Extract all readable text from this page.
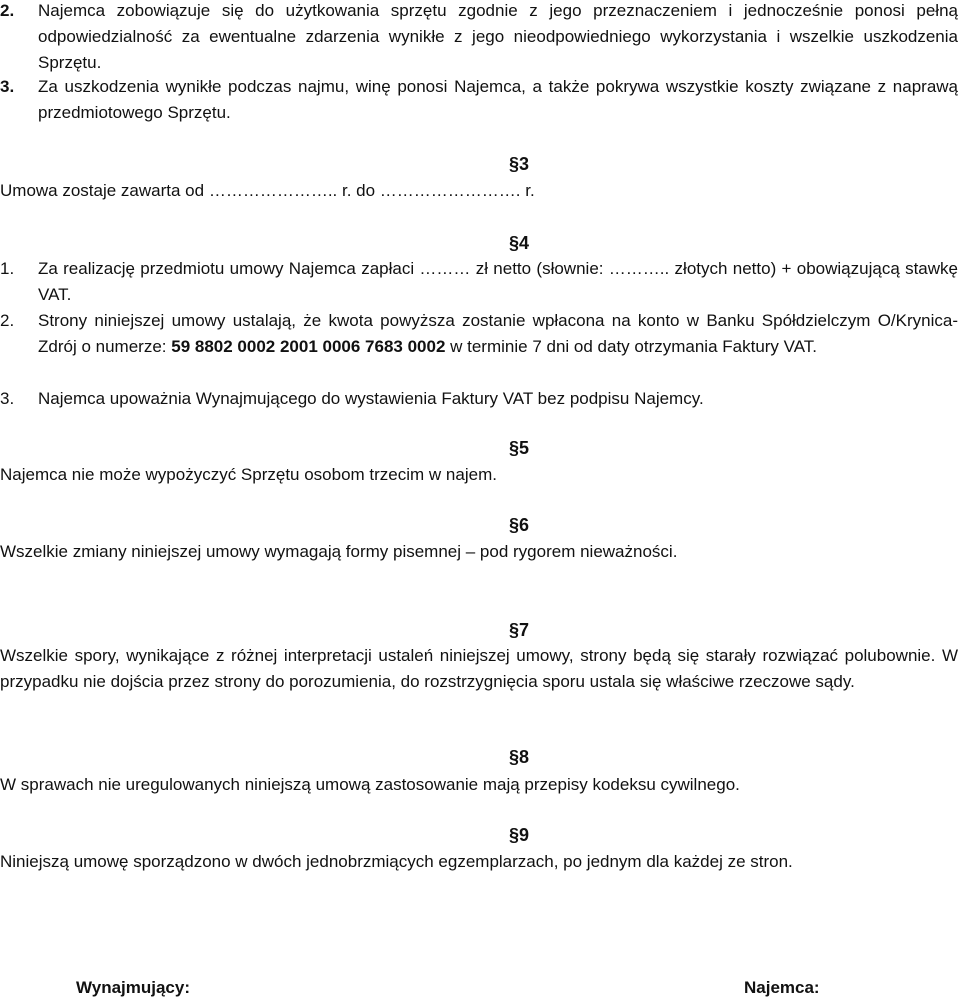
2.	Najemca zobowiązuje się do użytkowania sprzętu zgodnie z jego przeznaczeniem i jednocześnie ponosi pełną odpowiedzialność za ewentualne zdarzenia wynikłe z jego nieodpowiedniego wykorzystania i wszelkie uszkodzenia Sprzętu.
3.	Za uszkodzenia wynikłe podczas najmu, winę ponosi Najemca, a także pokrywa wszystkie koszty związane z naprawą przedmiotowego Sprzętu.
§3
Umowa zostaje zawarta od ………………….. r. do ……………………. r.
§4
1.	Za realizację przedmiotu umowy Najemca zapłaci ……… zł netto (słownie: ……….. złotych netto) + obowiązującą stawkę VAT.
2.	Strony niniejszej umowy ustalają, że kwota powyższa zostanie wpłacona na konto w Banku Spółdzielczym O/Krynica-Zdrój o numerze: 59 8802 0002 2001 0006 7683 0002 w terminie 7 dni od daty otrzymania Faktury VAT.
3.	Najemca upoważnia Wynajmującego do wystawienia Faktury VAT bez podpisu Najemcy.
§5
Najemca nie może wypożyczyć Sprzętu osobom trzecim w najem.
§6
Wszelkie zmiany niniejszej umowy wymagają formy pisemnej – pod rygorem nieważności.
§7
Wszelkie spory, wynikające z różnej interpretacji ustaleń niniejszej umowy, strony będą się starały rozwiązać polubownie. W przypadku nie dojścia przez strony do porozumienia, do rozstrzygnięcia sporu ustala się właściwe rzeczowe sądy.
§8
W sprawach nie uregulowanych niniejszą umową zastosowanie mają przepisy kodeksu cywilnego.
§9
Niniejszą umowę sporządzono w dwóch jednobrzmiących egzemplarzach, po jednym dla każdej ze stron.
Wynajmujący:	Najemca:
